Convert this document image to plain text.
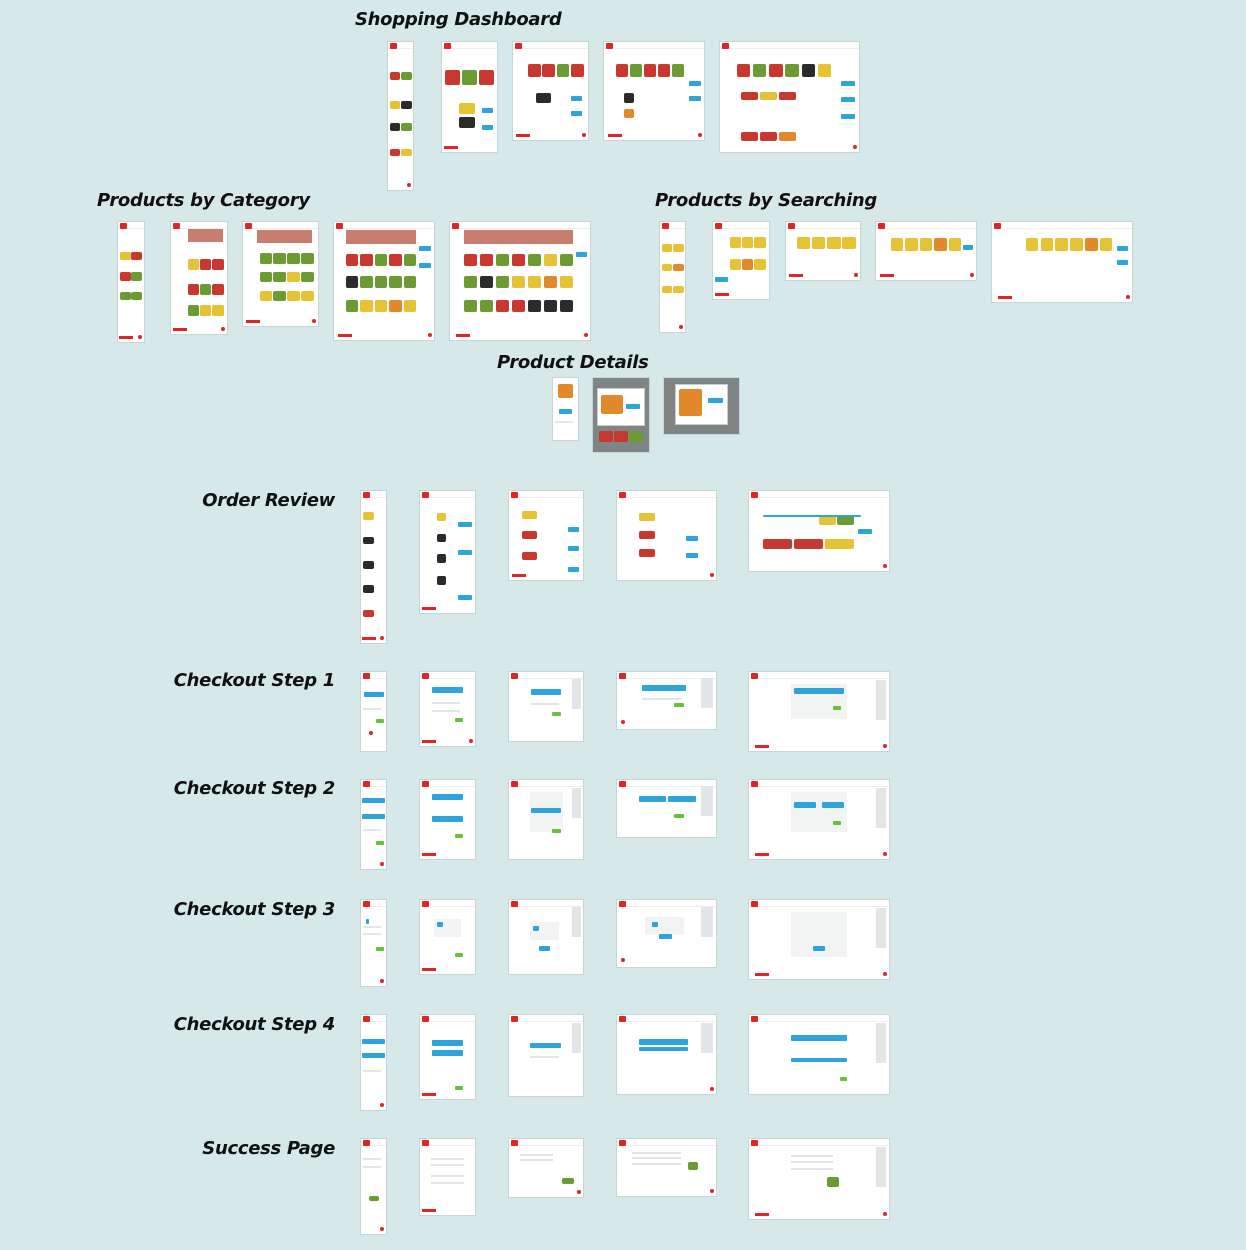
Shopping Dashboard
Products by Category	Products by Searching
Product Details
Order Review
Checkout Step 1
Checkout Step 2
Checkout Step 3
Checkout Step 4
Success Page
